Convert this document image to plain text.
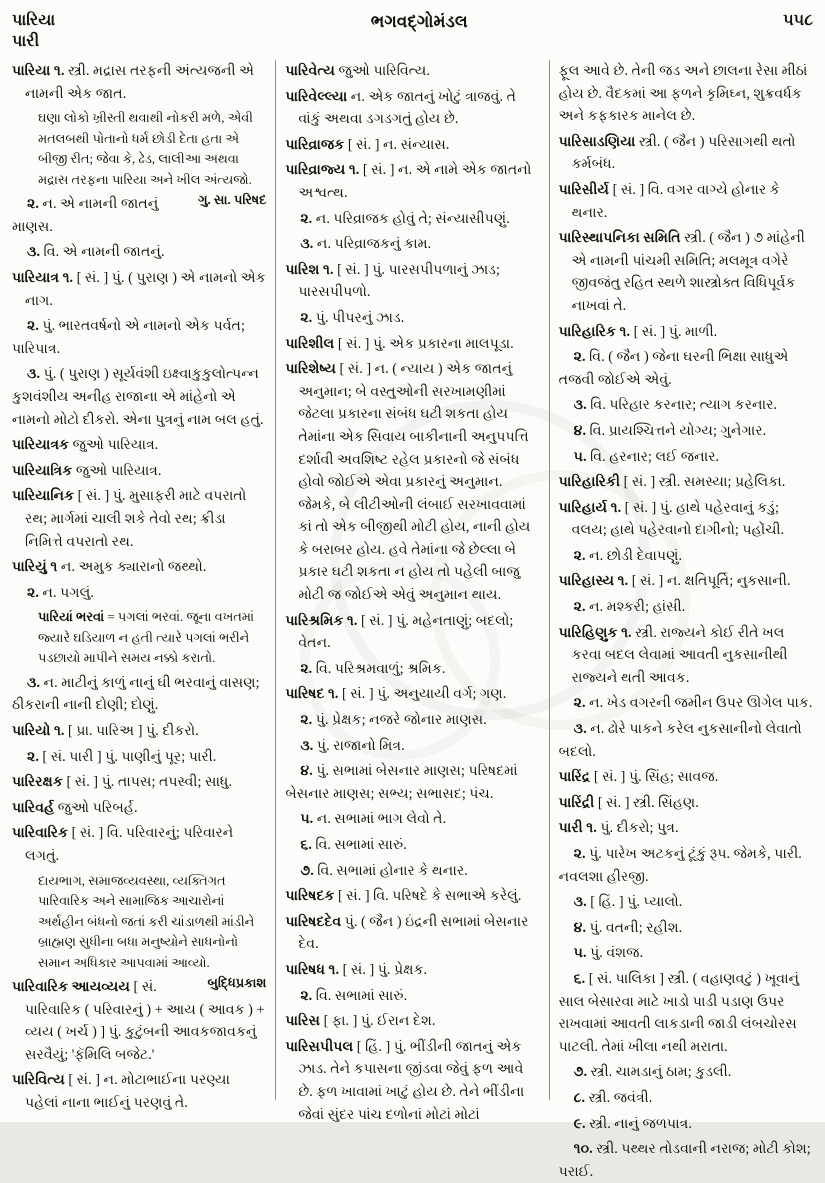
પારિયા
પારી
ભગવદ્ગોમંડલ	૫૫૮

પારિયા ૧. સ્ત્રી. મદ્રાસ તરફની અંત્યજની એ નામની એક જાત.

ઘણા લોકો ખ્રીસ્તી થવાથી નોકરી મળે, એવી મતલબથી પોતાનો ધર્મ છોડી દેતા હતા એ બીજી રીત; જેવા કે, ઢેડ, લાલીઆ અથવા મદ્રાસ તરફના પારિયા અને ખીલ અંત્યજો.
ગુ. સા. પરિષદ

૨. ન. એ નામની જાતનું માણસ.

૩. વિ. એ નામની જાતનું.

પારિયાત્ર ૧. [ સં. ] પું. ( પુરાણ ) એ નામનો એક નાગ.

૨. પું. ભારતવર્ષનો એ નામનો એક પર્વત; પારિપાત્ર.

૩. પું. ( પુરાણ ) સૂર્યવંશી ઇક્ષ્વાકુકુલોત્પન્ન કુશવંશીય અનીહ રાજાના એ માંહેનો એ નામનો મોટો દીકરો. એના પુત્રનું નામ બલ હતું.

પારિયાત્રક જુઓ પારિયાત્ર.

પારિયાત્રિક જુઓ પારિયાત્ર.

પારિયાનિક [ સં. ] પું. મુસાફરી માટે વપરાતો રથ; માર્ગમાં ચાલી શકે તેવો રથ; ક્રીડા નિમિત્તે વપરાતો રથ.

પારિયું ૧ ન. અમુક ક્યારાનો જથ્થો.

૨. ન. પગલું.

પારિયાં ભરવાં = પગલાં ભરવાં. જૂના વખતમાં જ્યારે ઘડિયાળ ન હતી ત્યારે પગલાં ભરીને પડછાયો માપીને સમય નક્કો કરાતો.

૩. ન. માટીનું કાળું નાનું ઘી ભરવાનું વાસણ; ઠીકરાની નાની દોણી; દોણું.

પારિયો ૧. [ પ્રા. પારિઅ ] પું. દીકરો.

૨. [ સં. પારી ] પું. પાણીનું પૂર; પારી.

પારિરક્ષક [ સં. ] પું. તાપસ; તપસ્વી; સાધુ.

પારિવર્હ જુઓ પરિબર્હ.

પારિવારિક [ સં. ] વિ. પરિવારનું; પરિવારને લગતું.

દાયભાગ, સમાજવ્યવસ્થા, વ્યક્તિગત પારિવારિક અને સામાજિક આચારોનાં અર્થહીન બંધનો જતાં કરી ચાંડાળથી માંડીને બ્રાહ્મણ સુધીના બધા મનુષ્યોને સાધનોનો સમાન અધિકાર આપવામાં આવ્યો.
બુદ્ધિપ્રકાશ

પારિવારિક આયવ્યય [ સં. પારિવારિક ( પરિવારનું ) + આય ( આવક ) + વ્યય ( ખર્ચ ) ] પું. કુટુંબની આવકજાવકનું સરવૈયું; 'ફૅમિલિ બજેટ.'

પારિવિત્ય [ સં. ] ન. મોટાભાઈના પરણ્યા પહેલાં નાના ભાઈનું પરણવું તે.

પારિવેત્ય જુઓ પારિવિત્ય.

પારિવેલ્લ્યા ન. એક જાતનું ખોટું ત્રાજવું. તે વાંકું અથવા ડગડગતું હોય છે.

પારિવ્રાજક [ સં. ] ન. સંન્યાસ.

પારિવ્રાજ્ય ૧. [ સં. ] ન. એ નામે એક જાતનો અશ્વત્થ.

૨. ન. પરિવ્રાજક હોવું તે; સંન્યાસીપણું.

૩. ન. પરિવ્રાજકનું કામ.

પારિશ ૧. [ સં. ] પું. પારસપીપળાનું ઝાડ; પારસપીપળો.

૨. પું. પીપરનું ઝાડ.

પારિશીલ [ સં. ] પું. એક પ્રકારના માલપૂડા.

પારિશેષ્ય [ સં. ] ન. ( ન્યાય ) એક જાતનું અનુમાન; બે વસ્તુઓની સરખામણીમાં જેટલા પ્રકારના સંબંધ ઘટી શકતા હોય તેમાંના એક સિવાય બાકીનાની અનુપપત્તિ દર્શાવી અવશિષ્ટ રહેલ પ્રકારનો જે સંબંધ હોવો જોઈએ એવા પ્રકારનું અનુમાન. જેમકે, બે લીટીઓની લંબાઈ સરખાવવામાં કાં તો એક બીજીથી મોટી હોય, નાની હોય કે બરાબર હોય. હવે તેમાંના જે છેલ્લા બે પ્રકાર ઘટી શકતા ન હોય તો પહેલી બાજુ મોટી જ જોઈએ એવું અનુમાન થાય.

પારિશ્રમિક ૧. [ સં. ] પું. મહેનતાણું; બદલો; વેતન.

૨. વિ. પરિશ્રમવાળું; શ્રમિક.

પારિષદ ૧. [ સં. ] પું. અનુયાયી વર્ગ; ગણ.

૨. પું. પ્રેક્ષક; નજરે જોનાર માણસ.

૩. પું. રાજાનો મિત્ર.

૪. પું. સભામાં બેસનાર માણસ; પરિષદમાં બેસનાર માણસ; સભ્ય; સભાસદ; પંચ.

૫. ન. સભામાં ભાગ લેવો તે.

૬. વિ. સભામાં સારું.

૭. વિ. સભામાં હોનાર કે થનાર.

પારિષદક [ સં. ] વિ. પરિષદે કે સભાએ કરેલું.

પારિષદદેવ પું. ( જૈન ) ઇંદ્રની સભામાં બેસનાર દેવ.

પારિષધ ૧. [ સં. ] પું. પ્રેક્ષક.

૨. વિ. સભામાં સારું.

પારિસ [ ફા. ] પું. ઈરાન દેશ.

પારિસપીપલ [ હિં. ] પું. ભીંડીની જાતનું એક ઝાડ. તેને કપાસના જીંડવા જેવું ફળ આવે છે. ફળ ખાવામાં ખાટું હોય છે. તેને ભીંડીના જેવાં સુંદર પાંચ દળોનાં મોટાં મોટાં

ફૂલ આવે છે. તેની જડ અને છાલના રેસા મીઠાં હોય છે. વૈદકમાં આ ફળને કૃમિઘ્ન, શુક્રવર્ધક અને કફકારક માનેલ છે.

પારિસાડણિયા સ્ત્રી. ( જૈન ) પરિસાગથી થતો કર્મબંધ.

પારિસીર્ય [ સં. ] વિ. વગર વાગ્યે હોનાર કે થનાર.

પારિસ્થાપનિકા સમિતિ સ્ત્રી. ( જૈન ) ૭ માંહેની એ નામની પાંચમી સમિતિ; મલમૂત્ર વગેરે જીવજંતુ રહિત સ્થળે શાસ્ત્રોક્ત વિધિપૂર્વક નાખવાં તે.

પારિહારિક ૧. [ સં. ] પું. માળી.

૨. વિ. ( જૈન ) જેના ઘરની ભિક્ષા સાધુએ તજવી જોઈએ એવું.

૩. વિ. પરિહાર કરનાર; ત્યાગ કરનાર.

૪. વિ. પ્રાયશ્ચિત્તને યોગ્ય; ગુનેગાર.

૫. વિ. હરનાર; લઈ જનાર.

પારિહારિકી [ સં. ] સ્ત્રી. સમસ્યા; પ્રહેલિકા.

પારિહાર્ય ૧. [ સં. ] પું. હાથે પહેરવાનું કડું; વલય; હાથે પહેરવાનો દાગીનો; પહોંચી.

૨. ન. છોડી દેવાપણું.

પારિહાસ્ય ૧. [ સં. ] ન. ક્ષતિપૂર્તિ; નુકસાની.

૨. ન. મશ્કરી; હાંસી.

પારિહિણુક ૧. સ્ત્રી. રાજ્યને કોઈ રીતે ખલ કરવા બદલ લેવામાં આવતી નુકસાનીથી રાજ્યને થતી આવક.

૨. ન. ખેડ વગરની જમીન ઉપર ઊગેલ પાક.

૩. ન. ઢોરે પાકને કરેલ નુકસાનીનો લેવાતો બદલો.

પારિંદ્ર [ સં. ] પું. સિંહ; સાવજ.

પારિંદ્રી [ સં. ] સ્ત્રી. સિંહણ.

પારી ૧. પું. દીકરો; પુત્ર.

૨. પું. પારેખ અટકનું ટૂંકું રૂપ. જેમકે, પારી. નવલશા હીરજી.

૩. [ હિં. ] પું. પ્યાલો.

૪. પું. વતની; રહીશ.

૫. પું. વંશજ.

૬. [ સં. પાલિકા ] સ્ત્રી. ( વહાણવટું ) ખૂવાનું સાલ બેસારવા માટે ખાડો પાડી પડાણ ઉપર રાખવામાં આવતી લાકડાની જાડી લંબચોરસ પાટલી. તેમાં ખીલા નથી મરાતા.

૭. સ્ત્રી. ચામડાનું ઠામ; કુડલી.

૮. સ્ત્રી. જવંત્રી.

૯. સ્ત્રી. નાનું જળપાત્ર.

૧૦. સ્ત્રી. પથ્થર તોડવાની નરાજ; મોટી કોશ; પરાઈ.
